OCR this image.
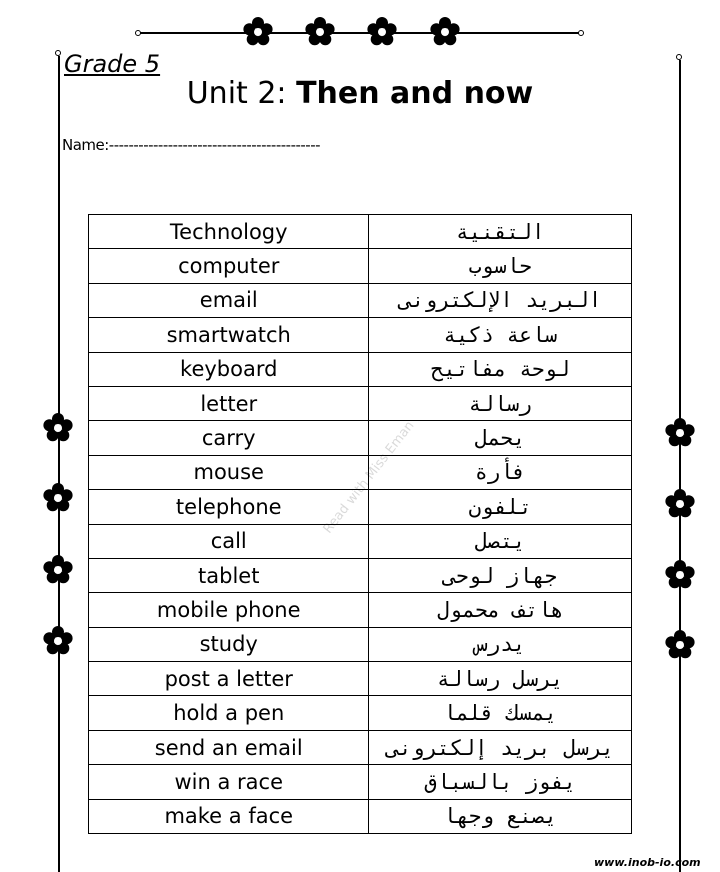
Grade 5
Unit 2: Then and now
Name:-------------------------------------------
Technology	التقنية
computer	حاسوب
email	البريد الإلكترونى
smartwatch	ساعة ذكية
keyboard	لوحة مفاتيح
letter	رسالة
carry	يحمل
mouse	فأرة
telephone	تلفون
call	يتصل
tablet	جهاز لوحى
mobile phone	هاتف محمول
study	يدرس
post a letter	يرسل رسالة
hold a pen	يمسك قلما
send an email	يرسل بريد إلكترونى
win a race	يفوز بالسباق
make a face	يصنع وجها
Read with Miss Eman
www.inob-io.com
